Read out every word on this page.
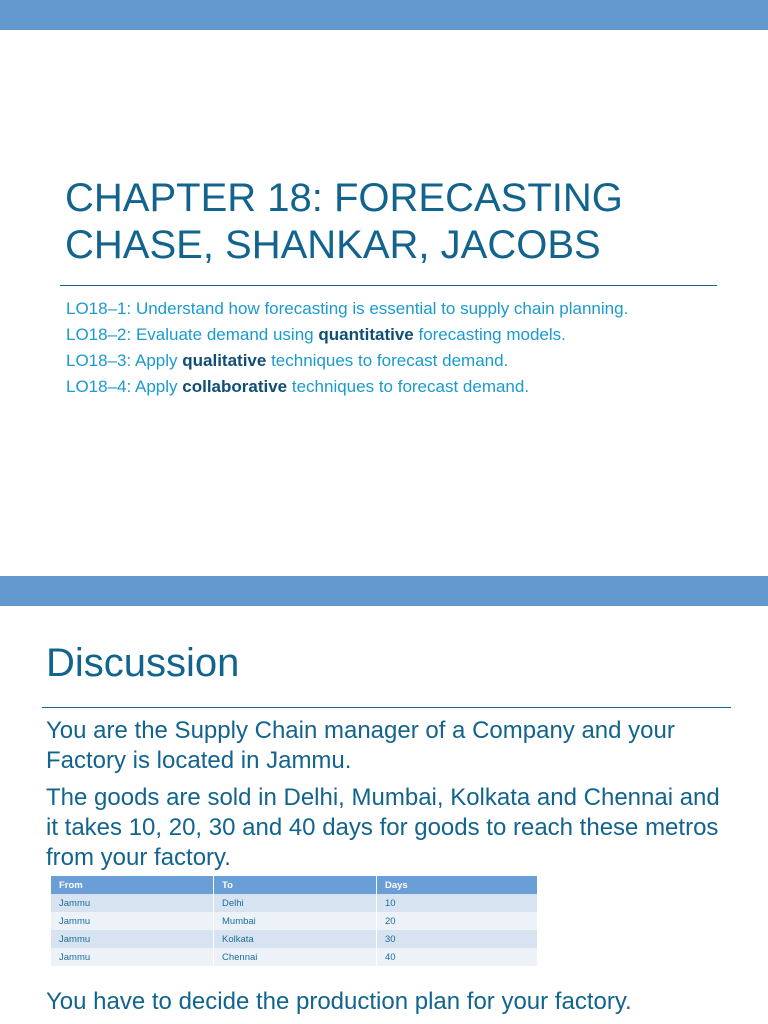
CHAPTER 18: FORECASTING
CHASE, SHANKAR, JACOBS
LO18–1: Understand how forecasting is essential to supply chain planning.
LO18–2: Evaluate demand using quantitative forecasting models.
LO18–3: Apply qualitative techniques to forecast demand.
LO18–4: Apply collaborative techniques to forecast demand.
Discussion

You are the Supply Chain manager of a Company and your Factory is located in Jammu.

The goods are sold in Delhi, Mumbai, Kolkata and Chennai and it takes 10, 20, 30 and 40 days for goods to reach these metros from your factory.

From	To	Days
Jammu	Delhi	10
Jammu	Mumbai	20
Jammu	Kolkata	30
Jammu	Chennai	40

You have to decide the production plan for your factory.
